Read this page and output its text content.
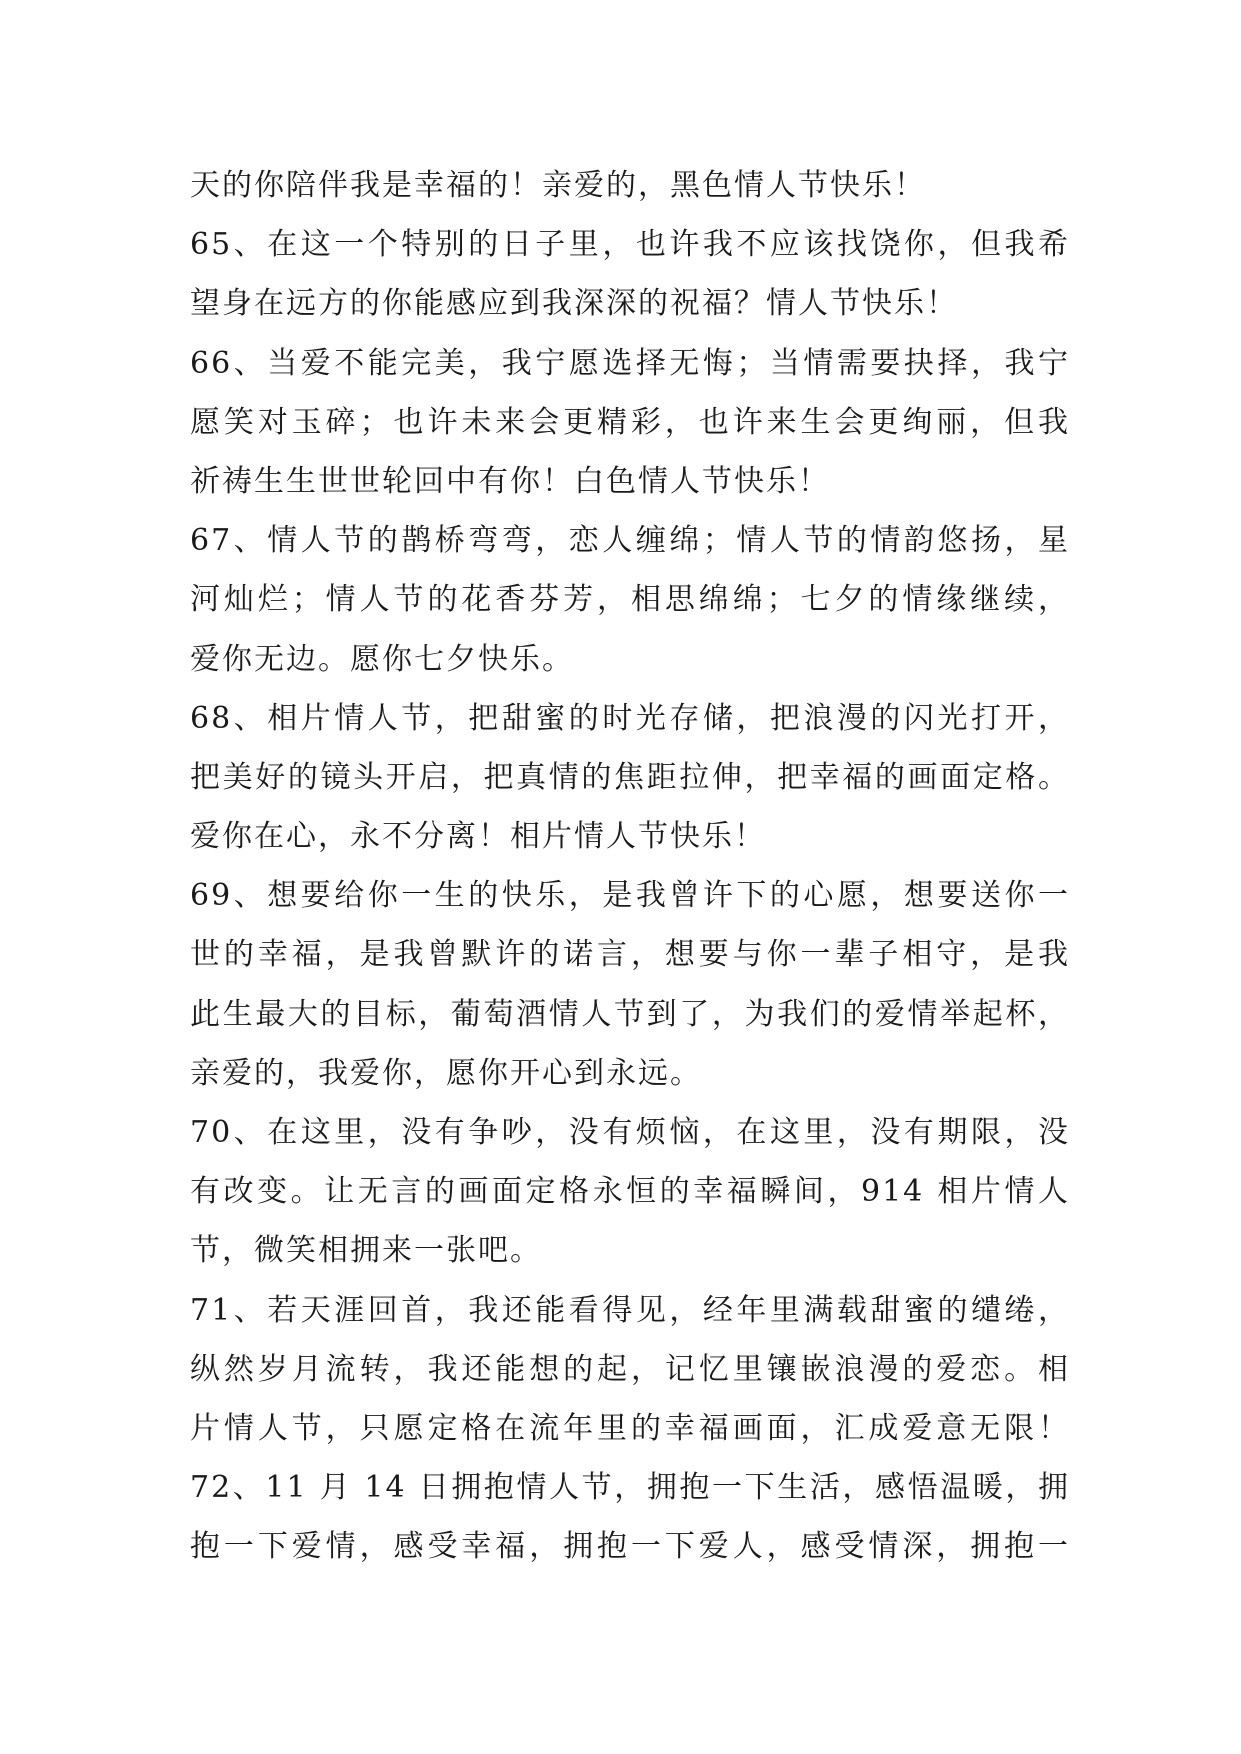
天的你陪伴我是幸福的！亲爱的，黑色情人节快乐！
65、在这一个特别的日子里，也许我不应该找饶你，但我希
望身在远方的你能感应到我深深的祝福？情人节快乐！
66、当爱不能完美，我宁愿选择无悔；当情需要抉择，我宁
愿笑对玉碎；也许未来会更精彩，也许来生会更绚丽，但我
祈祷生生世世轮回中有你！白色情人节快乐！
67、情人节的鹊桥弯弯，恋人缠绵；情人节的情韵悠扬，星
河灿烂；情人节的花香芬芳，相思绵绵；七夕的情缘继续，
爱你无边。愿你七夕快乐。
68、相片情人节，把甜蜜的时光存储，把浪漫的闪光打开，
把美好的镜头开启，把真情的焦距拉伸，把幸福的画面定格。
爱你在心，永不分离！相片情人节快乐！
69、想要给你一生的快乐，是我曾许下的心愿，想要送你一
世的幸福，是我曾默许的诺言，想要与你一辈子相守，是我
此生最大的目标，葡萄酒情人节到了，为我们的爱情举起杯，
亲爱的，我爱你，愿你开心到永远。
70、在这里，没有争吵，没有烦恼，在这里，没有期限，没
有改变。让无言的画面定格永恒的幸福瞬间，914 相片情人
节，微笑相拥来一张吧。
71、若天涯回首，我还能看得见，经年里满载甜蜜的缱绻，
纵然岁月流转，我还能想的起，记忆里镶嵌浪漫的爱恋。相
片情人节，只愿定格在流年里的幸福画面，汇成爱意无限！
72、11 月 14 日拥抱情人节，拥抱一下生活，感悟温暖，拥
抱一下爱情，感受幸福，拥抱一下爱人，感受情深，拥抱一
